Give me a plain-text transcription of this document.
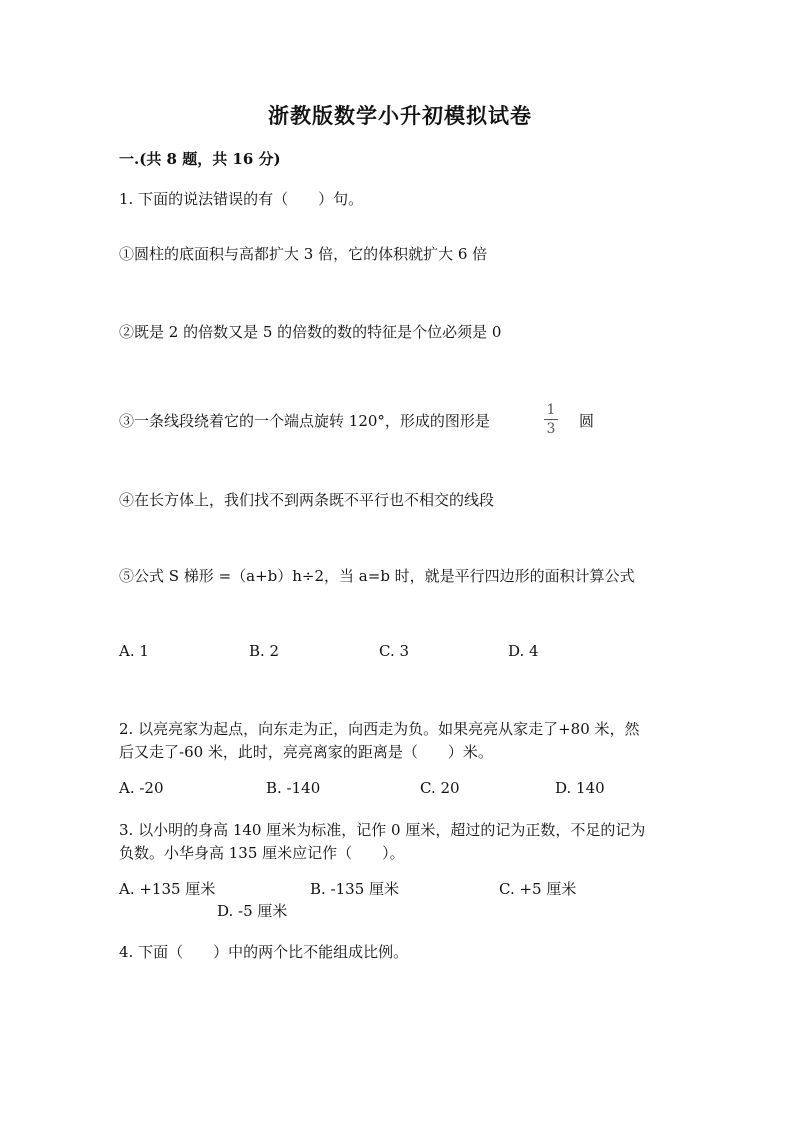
浙教版数学小升初模拟试卷
一.(共 8 题，共 16 分)
1. 下面的说法错误的有（　　）句。
①圆柱的底面积与高都扩大 3 倍，它的体积就扩大 6 倍
②既是 2 的倍数又是 5 的倍数的数的特征是个位必须是 0
③一条线段绕着它的一个端点旋转 120°，形成的图形是
1
3 圆
④在长方体上，我们找不到两条既不平行也不相交的线段
⑤公式 S 梯形 =（a+b）h÷2，当 a=b 时，就是平行四边形的面积计算公式
A. 1	B. 2	C. 3	D. 4
2. 以亮亮家为起点，向东走为正，向西走为负。如果亮亮从家走了+80 米，然
后又走了-60 米，此时，亮亮离家的距离是（　　）米。
A. -20	B. -140	C. 20	D. 140
3. 以小明的身高 140 厘米为标准，记作 0 厘米，超过的记为正数，不足的记为
负数。小华身高 135 厘米应记作（　　）。
A. +135 厘米	B. -135 厘米	C. +5 厘米
D. -5 厘米
4. 下面（　　）中的两个比不能组成比例。
